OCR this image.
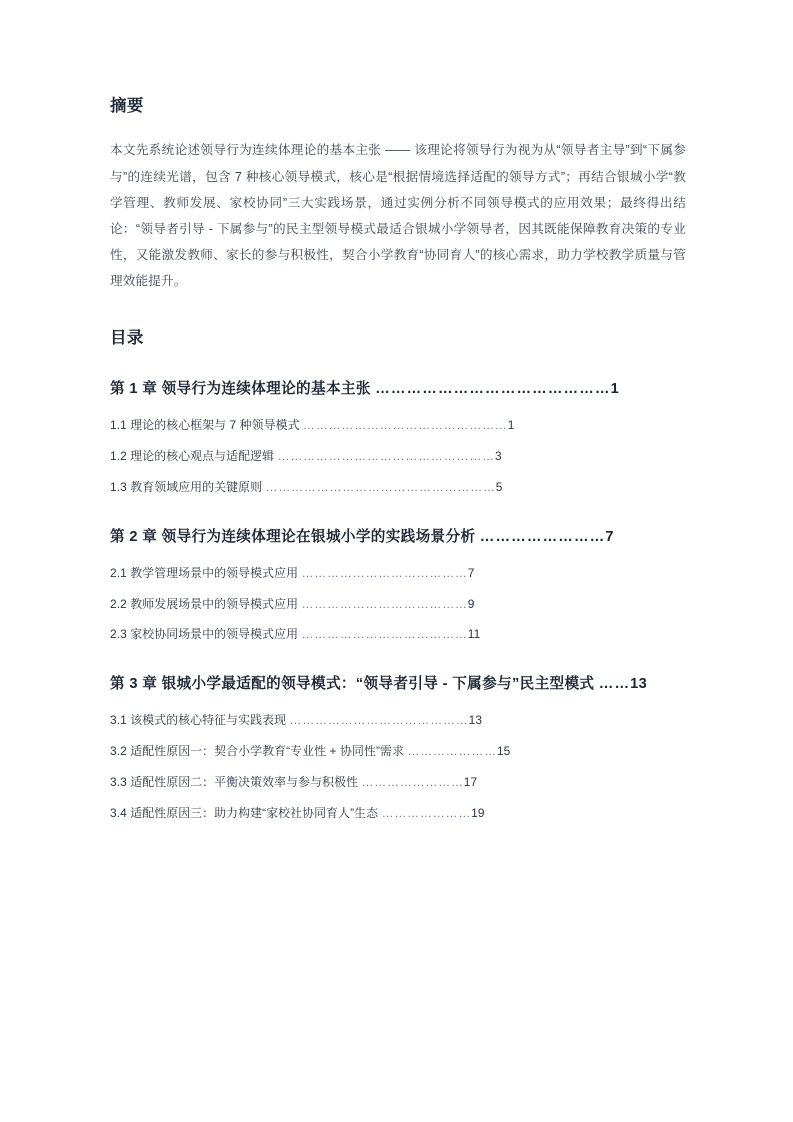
摘要

本文先系统论述领导行为连续体理论的基本主张 —— 该理论将领导行为视为从“领导者主导”到“下属参与”的连续光谱，包含 7 种核心领导模式，核心是“根据情境选择适配的领导方式”；再结合银城小学“教学管理、教师发展、家校协同”三大实践场景，通过实例分析不同领导模式的应用效果；最终得出结论：“领导者引导 - 下属参与”的民主型领导模式最适合银城小学领导者，因其既能保障教育决策的专业性，又能激发教师、家长的参与积极性，契合小学教育“协同育人”的核心需求，助力学校教学质量与管理效能提升。

目录
第 1 章 领导行为连续体理论的基本主张 ………………………………………1
1.1 理论的核心框架与 7 种领导模式 …………………………………………1
1.2 理论的核心观点与适配逻辑 ……………………………………………3
1.3 教育领域应用的关键原则 ………………………………………………5
第 2 章 领导行为连续体理论在银城小学的实践场景分析 ……………………7
2.1 教学管理场景中的领导模式应用 …………………………………7
2.2 教师发展场景中的领导模式应用 …………………………………9
2.3 家校协同场景中的领导模式应用 …………………………………11
第 3 章 银城小学最适配的领导模式：“领导者引导 - 下属参与”民主型模式 ……13
3.1 该模式的核心特征与实践表现 ……………………………………13
3.2 适配性原因一：契合小学教育“专业性 + 协同性”需求 …………………15
3.3 适配性原因二：平衡决策效率与参与积极性 ……………………17
3.4 适配性原因三：助力构建“家校社协同育人”生态 …………………19
